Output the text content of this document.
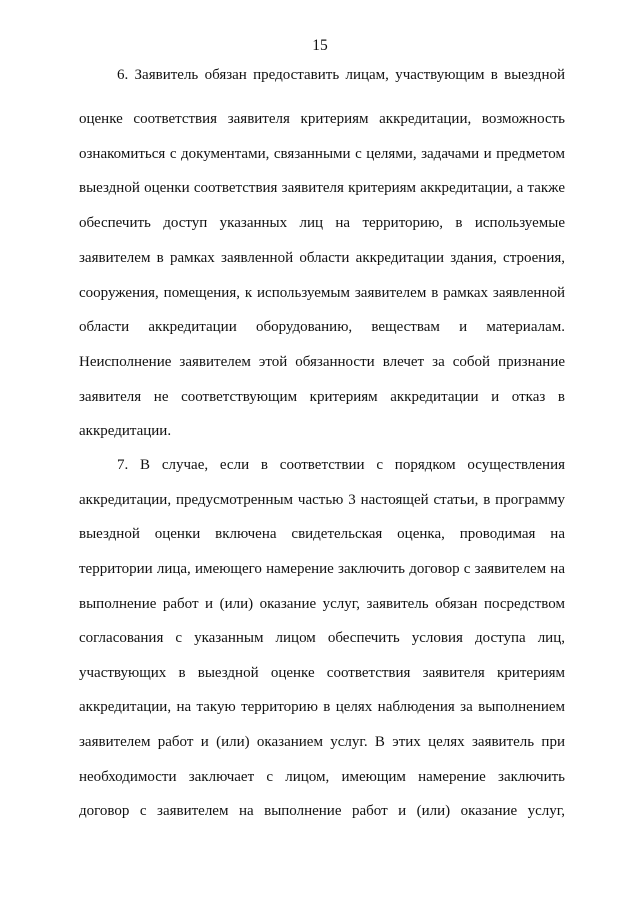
15
6. Заявитель обязан предоставить лицам, участвующим в выездной
оценке соответствия заявителя критериям аккредитации, возможность
ознакомиться с документами, связанными с целями, задачами и предметом
выездной оценки соответствия заявителя критериям аккредитации, а также
обеспечить доступ указанных лиц на территорию, в используемые
заявителем в рамках заявленной области аккредитации здания, строения,
сооружения, помещения, к используемым заявителем в рамках заявленной
области аккредитации оборудованию, веществам и материалам.
Неисполнение заявителем этой обязанности влечет за собой признание
заявителя не соответствующим критериям аккредитации и отказ в
аккредитации.
7. В случае, если в соответствии с порядком осуществления
аккредитации, предусмотренным частью 3 настоящей статьи, в программу
выездной оценки включена свидетельская оценка, проводимая на
территории лица, имеющего намерение заключить договор с заявителем на
выполнение работ и (или) оказание услуг, заявитель обязан посредством
согласования с указанным лицом обеспечить условия доступа лиц,
участвующих в выездной оценке соответствия заявителя критериям
аккредитации, на такую территорию в целях наблюдения за выполнением
заявителем работ и (или) оказанием услуг. В этих целях заявитель при
необходимости заключает с лицом, имеющим намерение заключить
договор с заявителем на выполнение работ и (или) оказание услуг,
